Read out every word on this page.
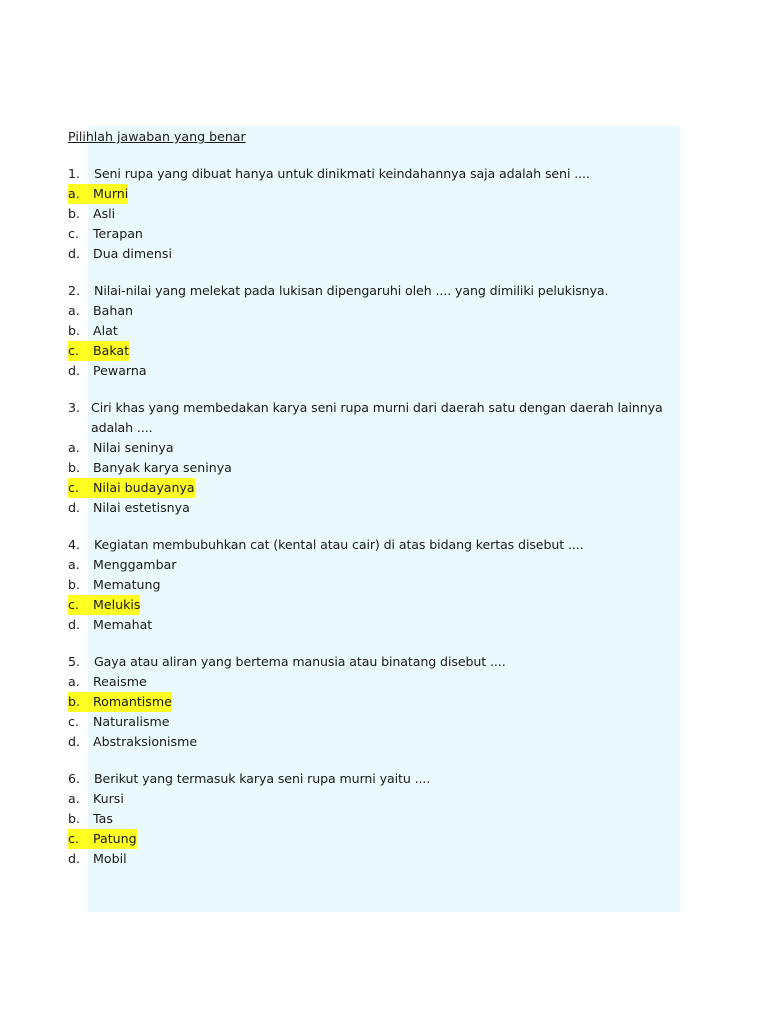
Pilihlah jawaban yang benar
1.	Seni rupa yang dibuat hanya untuk dinikmati keindahannya saja adalah seni ....
a.	Murni
b.	Asli
c.	Terapan
d.	Dua dimensi
2.	Nilai-nilai yang melekat pada lukisan dipengaruhi oleh .... yang dimiliki pelukisnya.
a.	Bahan
b.	Alat
c.	Bakat
d.	Pewarna
3. Ciri khas yang membedakan karya seni rupa murni dari daerah satu dengan daerah lainnya adalah ....
a.	Nilai seninya
b.	Banyak karya seninya
c.	Nilai budayanya
d.	Nilai estetisnya
4.	Kegiatan membubuhkan cat (kental atau cair) di atas bidang kertas disebut ....
a.	Menggambar
b.	Mematung
c.	Melukis
d.	Memahat
5.	Gaya atau aliran yang bertema manusia atau binatang disebut ....
a.	Reaisme
b.	Romantisme
c.	Naturalisme
d.	Abstraksionisme
6.	Berikut yang termasuk karya seni rupa murni yaitu ....
a.	Kursi
b.	Tas
c.	Patung
d.	Mobil
